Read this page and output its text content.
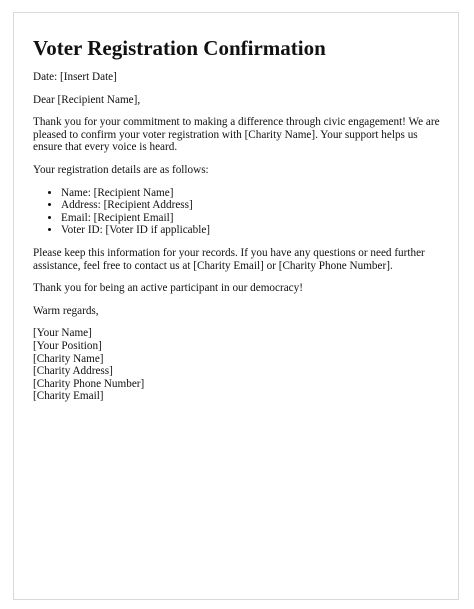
Voter Registration Confirmation

Date: [Insert Date]

Dear [Recipient Name],

Thank you for your commitment to making a difference through civic engagement! We are pleased to confirm your voter registration with [Charity Name]. Your support helps us ensure that every voice is heard.

Your registration details are as follows:

• Name: [Recipient Name]
• Address: [Recipient Address]
• Email: [Recipient Email]
• Voter ID: [Voter ID if applicable]

Please keep this information for your records. If you have any questions or need further assistance, feel free to contact us at [Charity Email] or [Charity Phone Number].

Thank you for being an active participant in our democracy!

Warm regards,

[Your Name]
[Your Position]
[Charity Name]
[Charity Address]
[Charity Phone Number]
[Charity Email]
